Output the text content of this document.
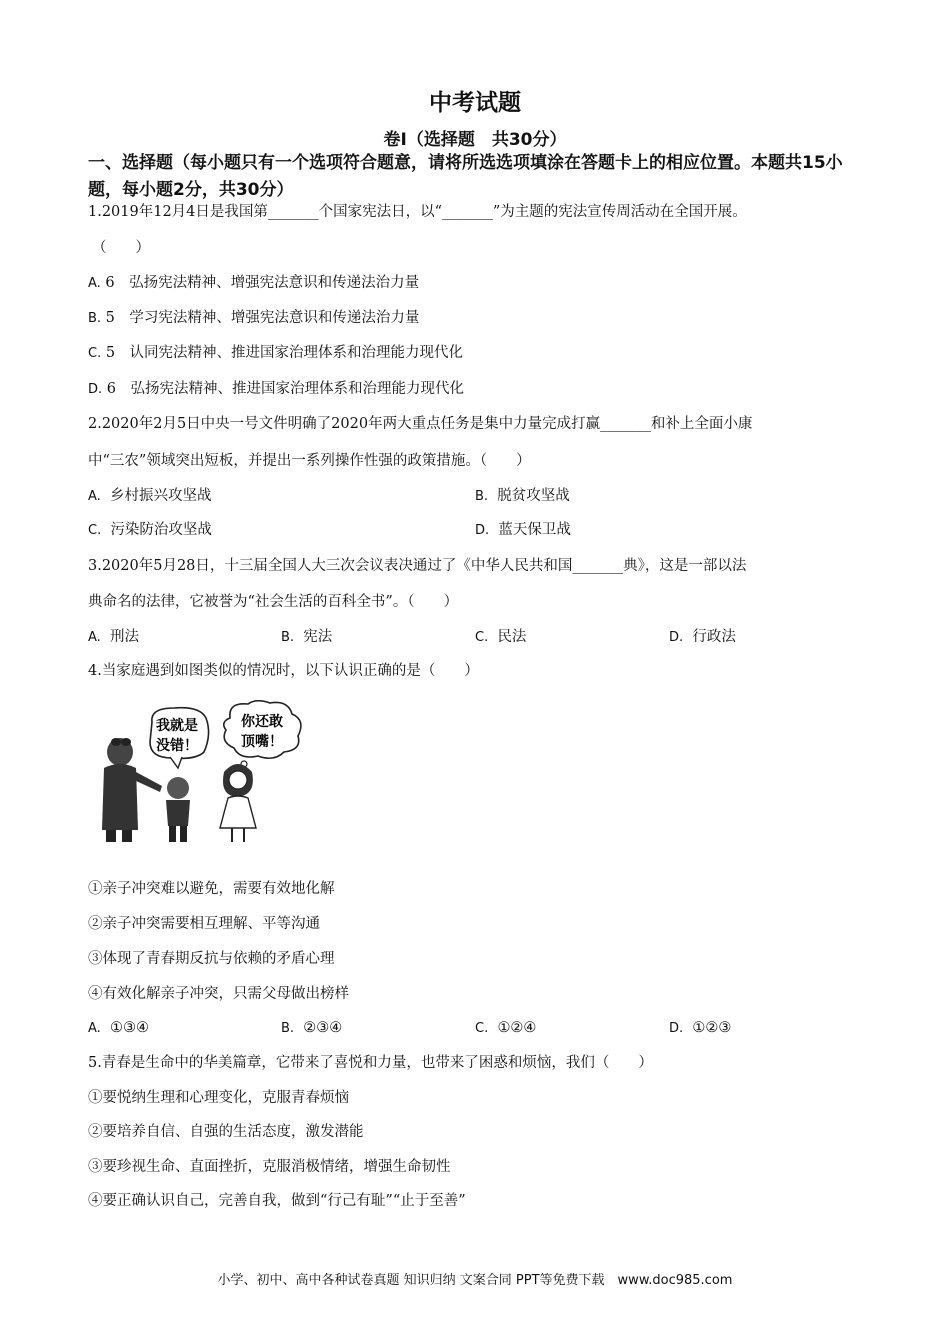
中考试题
卷Ⅰ（选择题　共30分）
一、选择题（每小题只有一个选项符合题意，请将所选选项填涂在答题卡上的相应位置。本题共15小题，每小题2分，共30分）
1.2019年12月4日是我国第_______个国家宪法日，以“_______”为主题的宪法宣传周活动在全国开展。
（　　）
A. 6　弘扬宪法精神、增强宪法意识和传递法治力量
B. 5　学习宪法精神、增强宪法意识和传递法治力量
C. 5　认同宪法精神、推进国家治理体系和治理能力现代化
D. 6　弘扬宪法精神、推进国家治理体系和治理能力现代化
2.2020年2月5日中央一号文件明确了2020年两大重点任务是集中力量完成打赢_______和补上全面小康
中“三农”领域突出短板，并提出一系列操作性强的政策措施。（　　）
A. 乡村振兴攻坚战	B. 脱贫攻坚战
C. 污染防治攻坚战	D. 蓝天保卫战
3.2020年5月28日，十三届全国人大三次会议表决通过了《中华人民共和国_______典》，这是一部以法
典命名的法律，它被誉为“社会生活的百科全书”。（　　）
A. 刑法	B. 宪法	C. 民法	D. 行政法
4.当家庭遇到如图类似的情况时，以下认识正确的是（　　）
我就是
没错！
你还敢
顶嘴！
①亲子冲突难以避免，需要有效地化解
②亲子冲突需要相互理解、平等沟通
③体现了青春期反抗与依赖的矛盾心理
④有效化解亲子冲突，只需父母做出榜样
A. ①③④	B. ②③④	C. ①②④	D. ①②③
5.青春是生命中的华美篇章，它带来了喜悦和力量，也带来了困惑和烦恼，我们（　　）
①要悦纳生理和心理变化，克服青春烦恼
②要培养自信、自强的生活态度，激发潜能
③要珍视生命、直面挫折，克服消极情绪，增强生命韧性
④要正确认识自己，完善自我，做到“行己有耻”“止于至善”
小学、初中、高中各种试卷真题 知识归纳 文案合同 PPT等免费下载　www.doc985.com
